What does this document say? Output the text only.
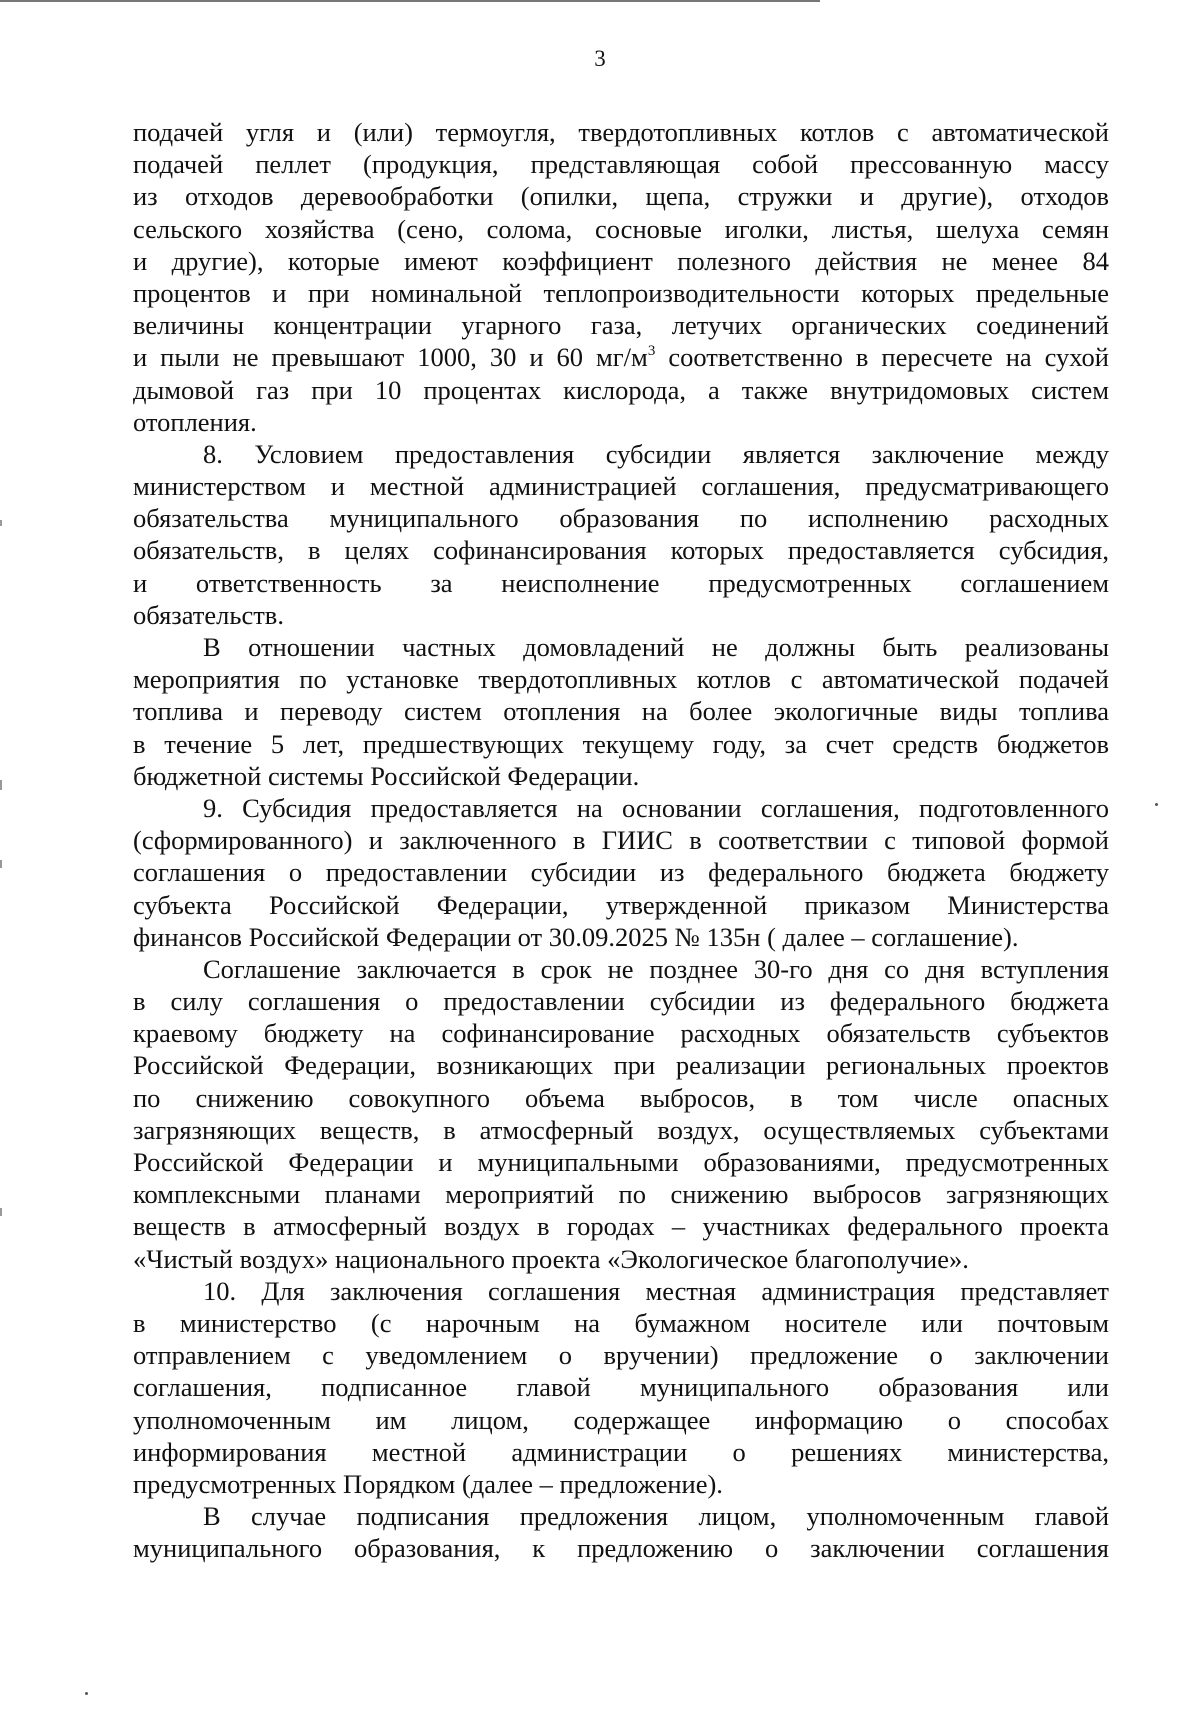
3
подачей угля и (или) термоугля, твердотопливных котлов с автоматической
подачей пеллет (продукция, представляющая собой прессованную массу
из отходов деревообработки (опилки, щепа, стружки и другие), отходов
сельского хозяйства (сено, солома, сосновые иголки, листья, шелуха семян
и другие), которые имеют коэффициент полезного действия не менее 84
процентов и при номинальной теплопроизводительности которых предельные
величины концентрации угарного газа, летучих органических соединений
и пыли не превышают 1000, 30 и 60 $мг/м^3$ соответственно в пересчете на сухой
дымовой газ при 10 процентах кислорода, а также внутридомовых систем
отопления.
8. Условием предоставления субсидии является заключение между
министерством и местной администрацией соглашения, предусматривающего
обязательства муниципального образования по исполнению расходных
обязательств, в целях софинансирования которых предоставляется субсидия,
и ответственность за неисполнение предусмотренных соглашением
обязательств.
В отношении частных домовладений не должны быть реализованы
мероприятия по установке твердотопливных котлов с автоматической подачей
топлива и переводу систем отопления на более экологичные виды топлива
в течение 5 лет, предшествующих текущему году, за счет средств бюджетов
бюджетной системы Российской Федерации.
9. Субсидия предоставляется на основании соглашения, подготовленного
(сформированного) и заключенного в ГИИС в соответствии с типовой формой
соглашения о предоставлении субсидии из федерального бюджета бюджету
субъекта Российской Федерации, утвержденной приказом Министерства
финансов Российской Федерации от 30.09.2025 № 135н ( далее – соглашение).
Соглашение заключается в срок не позднее 30-го дня со дня вступления
в силу соглашения о предоставлении субсидии из федерального бюджета
краевому бюджету на софинансирование расходных обязательств субъектов
Российской Федерации, возникающих при реализации региональных проектов
по снижению совокупного объема выбросов, в том числе опасных
загрязняющих веществ, в атмосферный воздух, осуществляемых субъектами
Российской Федерации и муниципальными образованиями, предусмотренных
комплексными планами мероприятий по снижению выбросов загрязняющих
веществ в атмосферный воздух в городах – участниках федерального проекта
«Чистый воздух» национального проекта «Экологическое благополучие».
10. Для заключения соглашения местная администрация представляет
в министерство (с нарочным на бумажном носителе или почтовым
отправлением с уведомлением о вручении) предложение о заключении
соглашения, подписанное главой муниципального образования или
уполномоченным им лицом, содержащее информацию о способах
информирования местной администрации о решениях министерства,
предусмотренных Порядком (далее – предложение).
В случае подписания предложения лицом, уполномоченным главой
муниципального образования, к предложению о заключении соглашения
